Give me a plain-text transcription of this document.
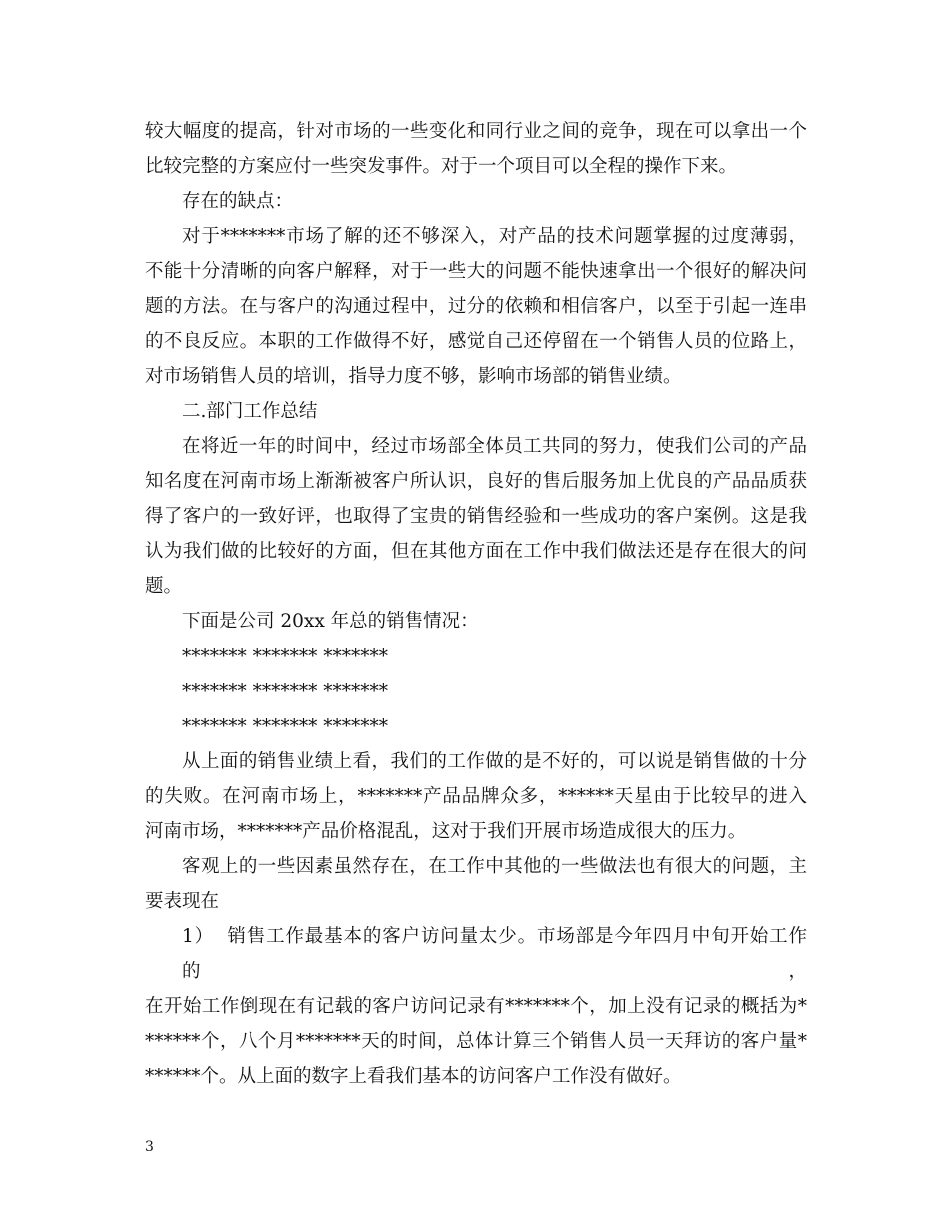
较大幅度的提高，针对市场的一些变化和同行业之间的竞争，现在可以拿出一个
比较完整的方案应付一些突发事件。对于一个项目可以全程的操作下来。
存在的缺点：
对于*******市场了解的还不够深入，对产品的技术问题掌握的过度薄弱，
不能十分清晰的向客户解释，对于一些大的问题不能快速拿出一个很好的解决问
题的方法。在与客户的沟通过程中，过分的依赖和相信客户，以至于引起一连串
的不良反应。本职的工作做得不好，感觉自己还停留在一个销售人员的位路上，
对市场销售人员的培训，指导力度不够，影响市场部的销售业绩。
二.部门工作总结
在将近一年的时间中，经过市场部全体员工共同的努力，使我们公司的产品
知名度在河南市场上渐渐被客户所认识，良好的售后服务加上优良的产品品质获
得了客户的一致好评，也取得了宝贵的销售经验和一些成功的客户案例。这是我
认为我们做的比较好的方面，但在其他方面在工作中我们做法还是存在很大的问
题。
下面是公司 20xx 年总的销售情况：
******* ******* *******
******* ******* *******
******* ******* *******
从上面的销售业绩上看，我们的工作做的是不好的，可以说是销售做的十分
的失败。在河南市场上，*******产品品牌众多，******天星由于比较早的进入
河南市场，*******产品价格混乱，这对于我们开展市场造成很大的压力。
客观上的一些因素虽然存在，在工作中其他的一些做法也有很大的问题，主
要表现在
1）  销售工作最基本的客户访问量太少。市场部是今年四月中旬开始工作的，
在开始工作倒现在有记载的客户访问记录有*******个，加上没有记录的概括为*
******个，八个月*******天的时间，总体计算三个销售人员一天拜访的客户量*
******个。从上面的数字上看我们基本的访问客户工作没有做好。
3
